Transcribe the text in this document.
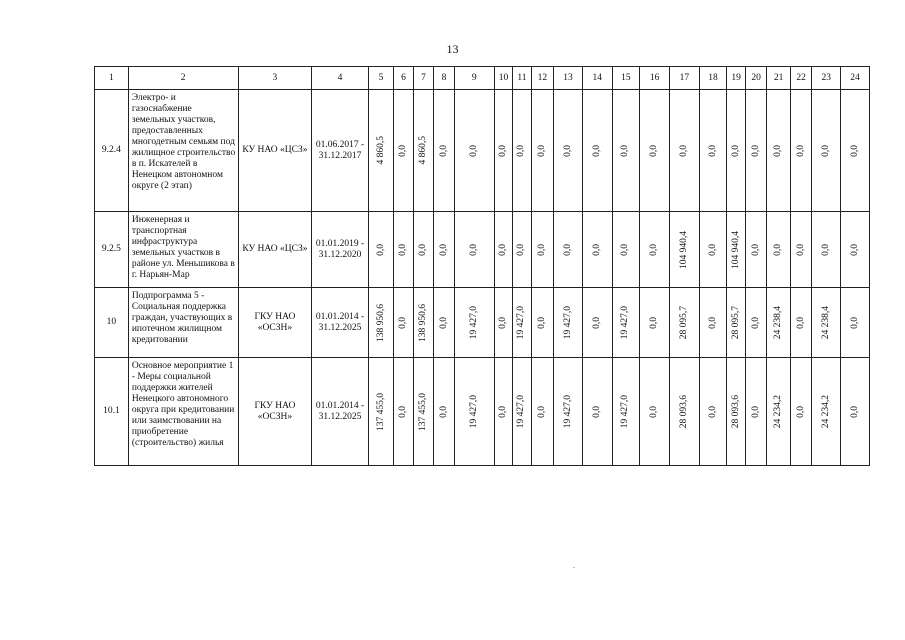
13
1	2	3	4	5	6	7	8	9	10	11	12	13	14	15	16	17	18	19	20	21	22	23	24
9.2.4	Электро- и газоснабжение земельных участков, предоставленных многодетным семьям под жилищное строительство в п. Искателей в Ненецком автономном округе (2 этап)	КУ НАО «ЦСЗ»	01.06.2017 - 31.12.2017	4 860,5	0,0	4 860,5	0,0	0,0	0,0	0,0	0,0	0,0	0,0	0,0	0,0	0,0	0,0	0,0	0,0	0,0	0,0	0,0	0,0

9.2.5	Инженерная и транспортная инфраструктура земельных участков в районе ул. Меньшикова в г. Нарьян-Мар	КУ НАО «ЦСЗ»	01.01.2019 - 31.12.2020	0,0	0,0	0,0	0,0	0,0	0,0	0,0	0,0	0,0	0,0	0,0	0,0	104 940,4	0,0	104 940,4	0,0	0,0	0,0	0,0	0,0

10	Подпрограмма 5 - Социальная поддержка граждан, участвующих в ипотечном жилищном кредитовании	ГКУ НАО «ОСЗН»	01.01.2014 - 31.12.2025	138 950,6	0,0	138 950,6	0,0	19 427,0	0,0	19 427,0	0,0	19 427,0	0,0	19 427,0	0,0	28 095,7	0,0	28 095,7	0,0	24 238,4	0,0	24 238,4	0,0

10.1	Основное мероприятие 1 - Меры социальной поддержки жителей Ненецкого автономного округа при кредитовании или заимствовании на приобретение (строительство) жилья	ГКУ НАО «ОСЗН»	01.01.2014 - 31.12.2025	137 455,0	0,0	137 455,0	0,0	19 427,0	0,0	19 427,0	0,0	19 427,0	0,0	19 427,0	0,0	28 093,6	0,0	28 093,6	0,0	24 234,2	0,0	24 234,2	0,0
